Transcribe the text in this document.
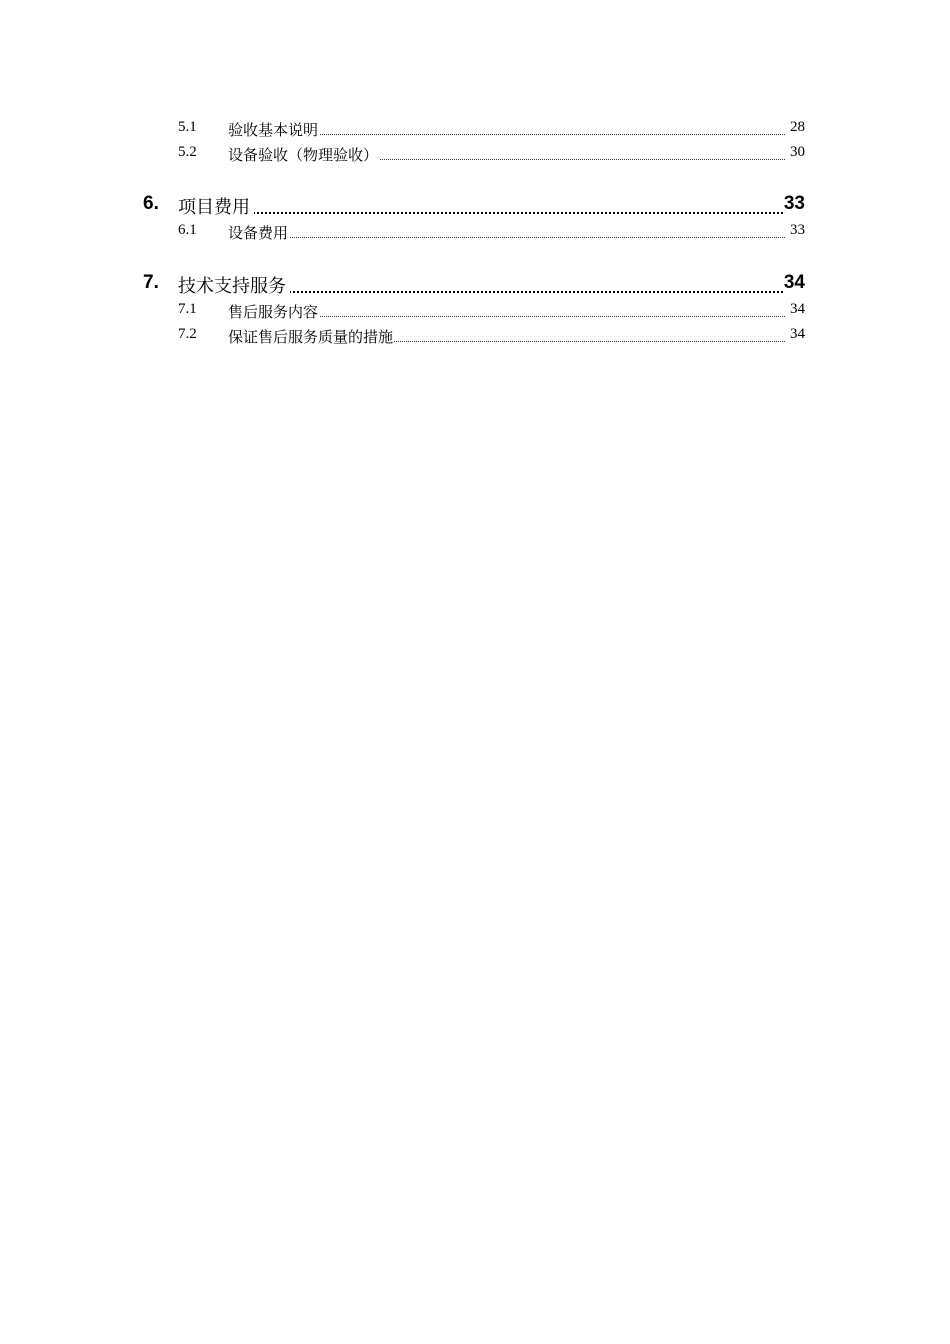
5.1 验收基本说明	28
5.2 设备验收（物理验收）	30
6. 项目费用	33
6.1 设备费用	33
7. 技术支持服务	34
7.1 售后服务内容	34
7.2 保证售后服务质量的措施	34
